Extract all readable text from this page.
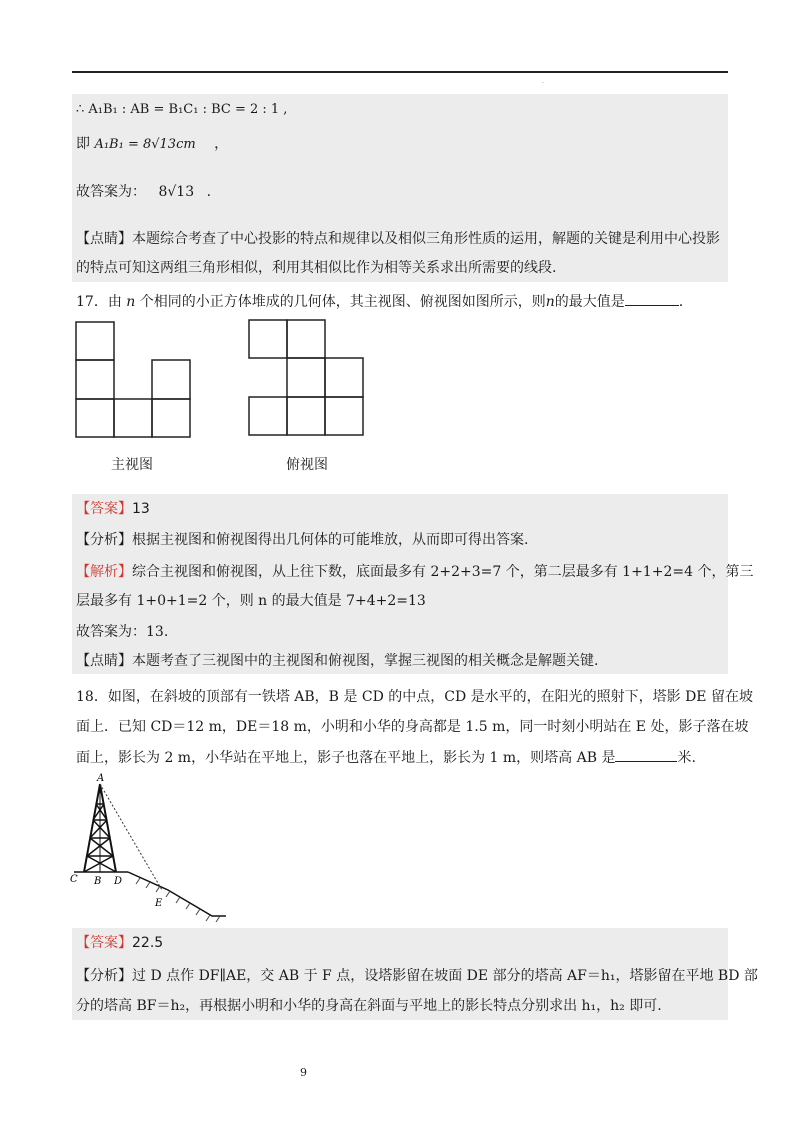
·
∴ A₁B₁ : AB = B₁C₁ : BC = 2 : 1 ,
即 A₁B₁ = 8√13cm ，
故答案为： 8√13 .
【点睛】本题综合考查了中心投影的特点和规律以及相似三角形性质的运用，解题的关键是利用中心投影
的特点可知这两组三角形相似，利用其相似比作为相等关系求出所需要的线段.
17．由 n 个相同的小正方体堆成的几何体，其主视图、俯视图如图所示，则n的最大值是	.
主视图	俯视图
【答案】13
【分析】根据主视图和俯视图得出几何体的可能堆放，从而即可得出答案.
【解析】综合主视图和俯视图，从上往下数，底面最多有 2+2+3=7 个，第二层最多有 1+1+2=4 个，第三
层最多有 1+0+1=2 个，则 n 的最大值是 7+4+2=13
故答案为：13.
【点睛】本题考查了三视图中的主视图和俯视图，掌握三视图的相关概念是解题关键.
18．如图，在斜坡的顶部有一铁塔 AB，B 是 CD 的中点，CD 是水平的，在阳光的照射下，塔影 DE 留在坡
面上．已知 CD＝12 m，DE＝18 m，小明和小华的身高都是 1.5 m，同一时刻小明站在 E 处，影子落在坡
面上，影长为 2 m，小华站在平地上，影子也落在平地上，影长为 1 m，则塔高 AB 是	米.
A
C B D
E
【答案】22.5
【分析】过 D 点作 DF∥AE，交 AB 于 F 点，设塔影留在坡面 DE 部分的塔高 AF＝h₁，塔影留在平地 BD 部
分的塔高 BF＝h₂，再根据小明和小华的身高在斜面与平地上的影长特点分别求出 h₁，h₂ 即可.
9
